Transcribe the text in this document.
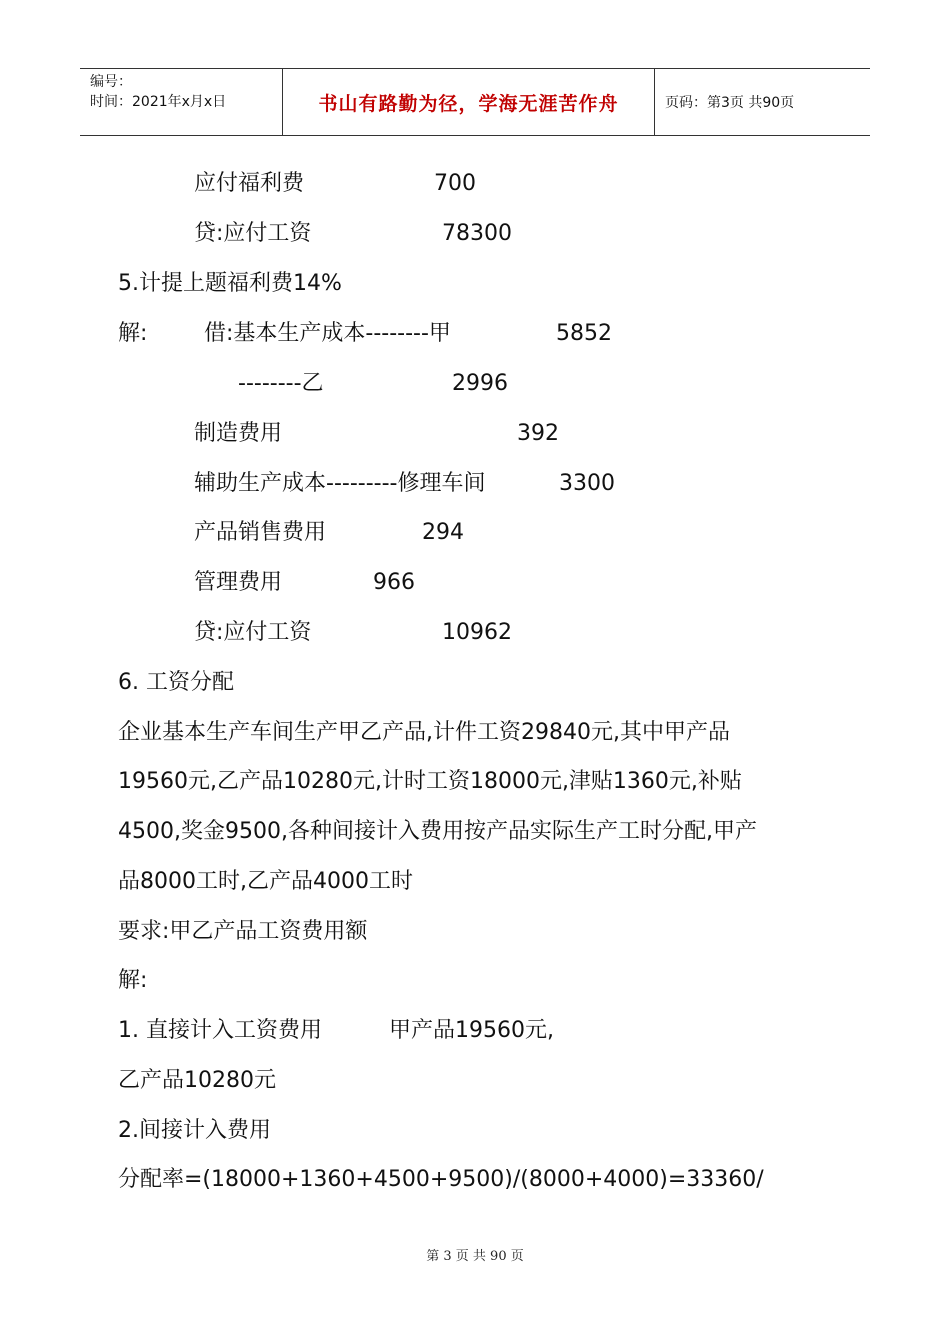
编号：
时间：2021年x月x日	书山有路勤为径，学海无涯苦作舟	页码：第3页 共90页
应付福利费	700
贷:应付工资	78300
5.计提上题福利费14%
解:	借:基本生产成本--------甲	5852
--------乙	2996
制造费用	392
辅助生产成本---------修理车间	3300
产品销售费用	294
管理费用	966
贷:应付工资	10962
6. 工资分配
企业基本生产车间生产甲乙产品,计件工资29840元,其中甲产品
19560元,乙产品10280元,计时工资18000元,津贴1360元,补贴
4500,奖金9500,各种间接计入费用按产品实际生产工时分配,甲产
品8000工时,乙产品4000工时
要求:甲乙产品工资费用额
解:
1. 直接计入工资费用	甲产品19560元,
乙产品10280元
2.间接计入费用
分配率=(18000+1360+4500+9500)/(8000+4000)=33360/
第 3 页 共 90 页
